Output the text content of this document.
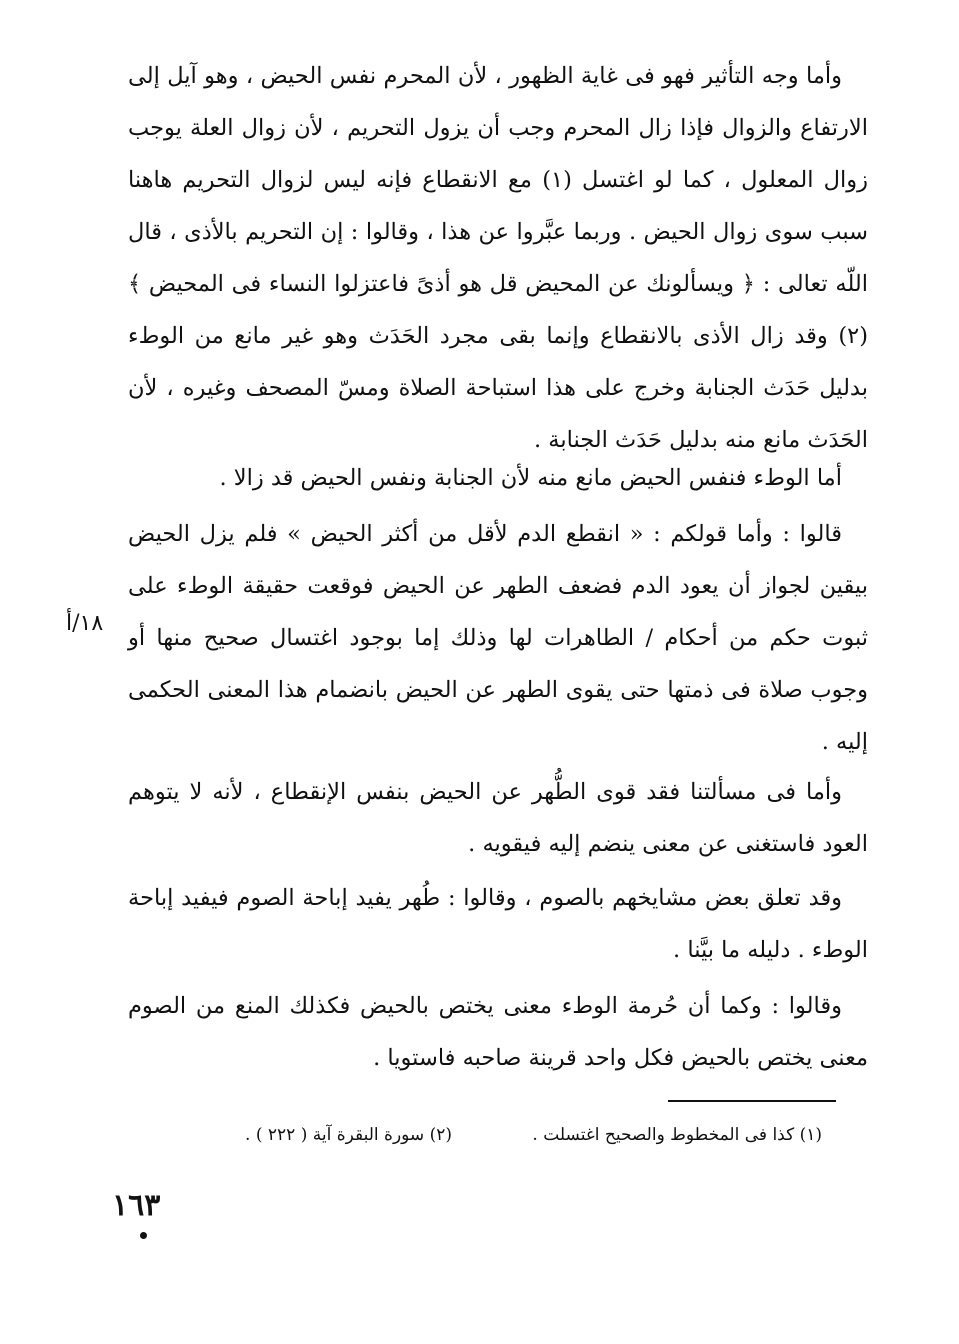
وأما وجه التأثير فهو فى غاية الظهور ، لأن المحرم نفس الحيض ، وهو آيل إلى الارتفاع والزوال فإذا زال المحرم وجب أن يزول التحريم ، لأن زوال العلة يوجب زوال المعلول ، كما لو اغتسل (١) مع الانقطاع فإنه ليس لزوال التحريم هاهنا سبب سوى زوال الحيض . وربما عبَّروا عن هذا ، وقالوا : إن التحريم بالأذى ، قال اللّه تعالى : ﴿ ويسألونك عن المحيض قل هو أذىً فاعتزلوا النساء فى المحيض ﴾ (٢) وقد زال الأذى بالانقطاع وإنما بقى مجرد الحَدَث وهو غير مانع من الوطء بدليل حَدَث الجنابة وخرج على هذا استباحة الصلاة ومسّ المصحف وغيره ، لأن الحَدَث مانع منه بدليل حَدَث الجنابة .

أما الوطء فنفس الحيض مانع منه لأن الجنابة ونفس الحيض قد زالا .

قالوا : وأما قولكم : « انقطع الدم لأقل من أكثر الحيض » فلم يزل الحيض بيقين لجواز أن يعود الدم فضعف الطهر عن الحيض فوقعت حقيقة الوطء على ثبوت حكم من أحكام / الطاهرات لها وذلك إما بوجود اغتسال صحيح منها أو وجوب صلاة فى ذمتها حتى يقوى الطهر عن الحيض بانضمام هذا المعنى الحكمى إليه .

١٨/أ

وأما فى مسألتنا فقد قوى الطُّهر عن الحيض بنفس الإنقطاع ، لأنه لا يتوهم العود فاستغنى عن معنى ينضم إليه فيقويه .

وقد تعلق بعض مشايخهم بالصوم ، وقالوا : طُهر يفيد إباحة الصوم فيفيد إباحة الوطء . دليله ما بيَّنا .

وقالوا : وكما أن حُرمة الوطء معنى يختص بالحيض فكذلك المنع من الصوم معنى يختص بالحيض فكل واحد قرينة صاحبه فاستويا .

(١) كذا فى المخطوط والصحيح اغتسلت .
(٢) سورة البقرة آية ( ٢٢٢ ) .
١٦٣
